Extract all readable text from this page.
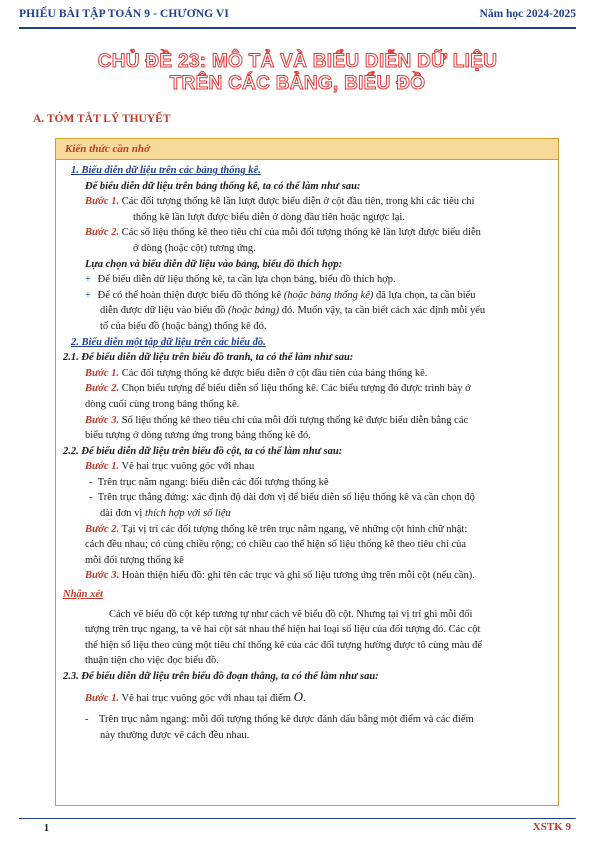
PHIẾU BÀI TẬP TOÁN 9 - CHƯƠNG VI	Năm học 2024-2025
CHỦ ĐỀ 23: MÔ TẢ VÀ BIỂU DIỄN DỮ LIỆU
TRÊN CÁC BẢNG, BIỂU ĐỒ
A. TÓM TẮT LÝ THUYẾT
Kiến thức cần nhớ

1. Biểu diễn dữ liệu trên các bảng thống kê.

Để biểu diễn dữ liệu trên bảng thống kê, ta có thể làm như sau:

Bước 1. Các đối tượng thống kê lần lượt được biểu diễn ở cột đầu tiên, trong khi các tiêu chí

thống kê lần lượt được biểu diễn ở dòng đầu tiên hoặc ngược lại.

Bước 2. Các số liệu thống kê theo tiêu chí của mỗi đối tượng thống kê lần lượt được biểu diễn

ở dòng (hoặc cột) tương ứng.

Lựa chọn và biểu diễn dữ liệu vào bảng, biểu đồ thích hợp:

+ Để biểu diễn dữ liệu thống kê, ta cần lựa chọn bảng, biểu đồ thích hợp.

+ Để có thể hoàn thiện được biểu đồ thống kê (hoặc bảng thống kê) đã lựa chọn, ta cần biểu

diễn được dữ liệu vào biểu đồ (hoặc bảng) đó. Muốn vậy, ta cần biết cách xác định mỗi yếu

tố của biểu đồ (hoặc bảng) thống kê đó.

2. Biểu diễn một tập dữ liệu trên các biểu đồ.

2.1. Để biểu diễn dữ liệu trên biểu đồ tranh, ta có thể làm như sau:

Bước 1. Các đối tượng thống kê được biểu diễn ở cột đầu tiên của bảng thống kê.

Bước 2. Chọn biểu tượng để biểu diễn số liệu thống kê. Các biểu tượng đó được trình bày ở

dòng cuối cùng trong bảng thống kê.

Bước 3. Số liệu thống kê theo tiêu chí của mỗi đối tượng thống kê được biểu diễn bằng các

biểu tượng ở dòng tương ứng trong bảng thống kê đó.

2.2. Để biểu diễn dữ liệu trên biểu đồ cột, ta có thể làm như sau:

Bước 1. Vẽ hai trục vuông góc với nhau

- Trên trục nằm ngang: biểu diễn các đối tượng thống kê

- Trên trục thẳng đứng: xác định độ dài đơn vị để biểu diễn số liệu thống kê và cần chọn độ

dài đơn vị thích hợp với số liệu

Bước 2. Tại vị trí các đối tượng thống kê trên trục nằm ngang, vẽ những cột hình chữ nhật:

cách đều nhau; có cùng chiều rộng; có chiều cao thể hiện số liệu thống kê theo tiêu chí của

mỗi đối tượng thống kê

Bước 3. Hoàn thiện hiểu đồ: ghi tên các trục và ghi số liệu tương ứng trên mỗi cột (nếu cần).

Nhận xét

Cách vẽ biểu đồ cột kép tương tự như cách vẽ biểu đồ cột. Nhưng tại vị trí ghi mỗi đối

tượng trên trục ngang, ta vẽ hai cột sát nhau thể hiện hai loại số liệu của đối tượng đó. Các cột

thể hiện số liệu theo cùng một tiêu chí thống kê của các đối tượng hường được tô cùng màu để

thuận tiện cho việc đọc biểu đồ.

2.3. Để biểu diễn dữ liệu trên biểu đồ đoạn thẳng, ta có thể làm như sau:

Bước 1. Vẽ hai trục vuông góc với nhau tại điểm O.

- Trên trục nằm ngang: mỗi đối tượng thống kê được đánh dấu bằng một điểm và các điểm

này thường được vẽ cách đều nhau.

1	XSTK 9
